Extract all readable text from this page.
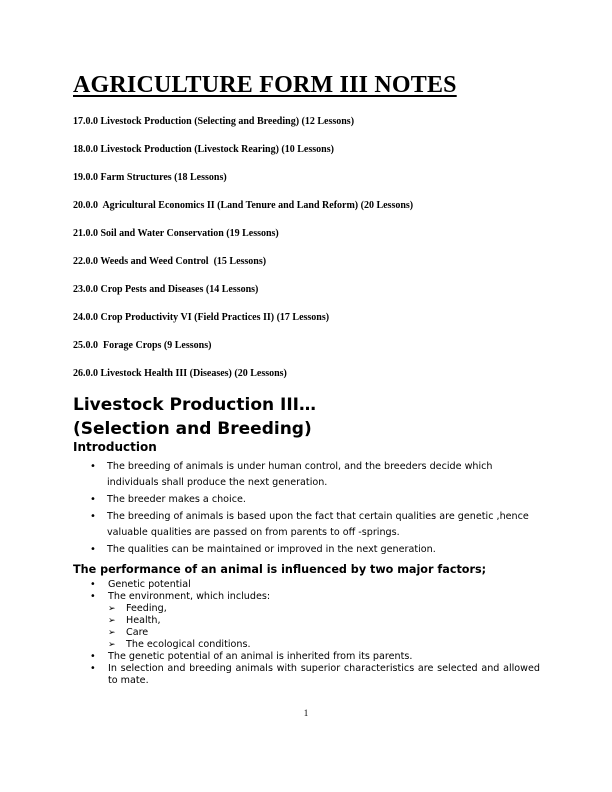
AGRICULTURE FORM III NOTES
17.0.0 Livestock Production (Selecting and Breeding) (12 Lessons)
18.0.0 Livestock Production (Livestock Rearing) (10 Lessons)
19.0.0 Farm Structures (18 Lessons)
20.0.0  Agricultural Economics II (Land Tenure and Land Reform) (20 Lessons)
21.0.0 Soil and Water Conservation (19 Lessons)
22.0.0 Weeds and Weed Control  (15 Lessons)
23.0.0 Crop Pests and Diseases (14 Lessons)
24.0.0 Crop Productivity VI (Field Practices II) (17 Lessons)
25.0.0  Forage Crops (9 Lessons)
26.0.0 Livestock Health III (Diseases) (20 Lessons)
Livestock Production III…
(Selection and Breeding)
Introduction
• The breeding of animals is under human control, and the breeders decide which individuals shall produce the next generation.
• The breeder makes a choice.
• The breeding of animals is based upon the fact that certain qualities are genetic ,hence valuable qualities are passed on from parents to off -springs.
• The qualities can be maintained or improved in the next generation.
The performance of an animal is influenced by two major factors;
• Genetic potential
• The environment, which includes:
➢ Feeding,
➢ Health,
➢ Care
➢ The ecological conditions.
• The genetic potential of an animal is inherited from its parents.
• In selection and breeding animals with superior characteristics are selected and allowed to mate.
1
